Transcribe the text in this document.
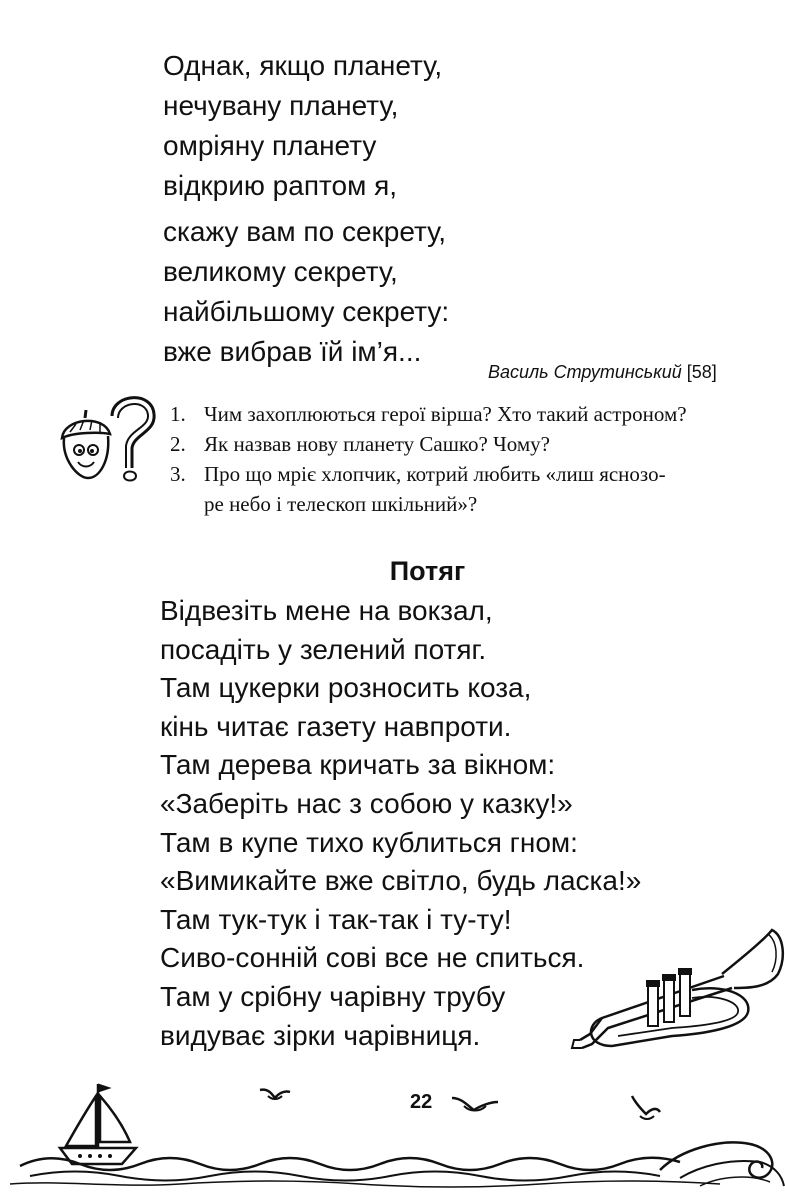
Однак, якщо планету,
нечувану планету,
омріяну планету
відкрию раптом я,
скажу вам по секрету,
великому секрету,
найбільшому секрету:
вже вибрав їй ім’я...
Василь Струтинський [58]
1. Чим захоплюються герої вірша? Хто такий астроном?
2. Як назвав нову планету Сашко? Чому?
3. Про що мріє хлопчик, котрий любить «лиш яснозо-
ре небо і телескоп шкільний»?
Потяг
Відвезіть мене на вокзал,
посадіть у зелений потяг.
Там цукерки розносить коза,
кінь читає газету навпроти.
Там дерева кричать за вікном:
«Заберіть нас з собою у казку!»
Там в купе тихо кублиться гном:
«Вимикайте вже світло, будь ласка!»
Там тук-тук і так-так і ту-ту!
Сиво-сонній сові все не спиться.
Там у срібну чарівну трубу
видуває зірки чарівниця.
22
